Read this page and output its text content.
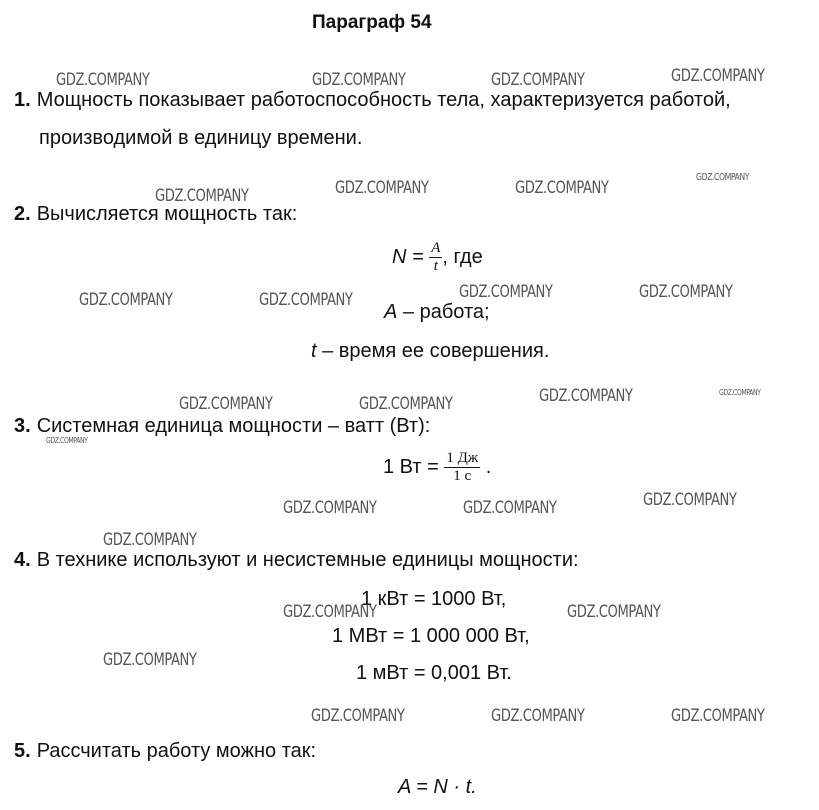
Параграф 54
1. Мощность показывает работоспособность тела, характеризуется работой,
производимой в единицу времени.
2. Вычисляется мощность так:
$N = \frac{A}{t}$ , где
A – работа;
t – время ее совершения.
3. Системная единица мощности – ватт (Вт):
1 Вт = $\frac{1 Дж}{1 с}$ .
4. В технике используют и несистемные единицы мощности:
1 кВт = 1000 Вт,
1 МВт = 1 000 000 Вт,
1 мВт = 0,001 Вт.
5. Рассчитать работу можно так:
A = N · t.
GDZ.COMPANY	GDZ.COMPANY	GDZ.COMPANY	GDZ.COMPANY
GDZ.COMPANY	GDZ.COMPANY	GDZ.COMPANY
GDZ.COMPANY
GDZ.COMPANY	GDZ.COMPANY	GDZ.COMPANY	GDZ.COMPANY
GDZ.COMPANY	GDZ.COMPANY
GDZ.COMPANY	GDZ.COMPANY
GDZ.COMPANY
GDZ.COMPANY
GDZ.COMPANY	GDZ.COMPANY
GDZ.COMPANY
GDZ.COMPANY	GDZ.COMPANY
GDZ.COMPANY
GDZ.COMPANY	GDZ.COMPANY	GDZ.COMPANY
